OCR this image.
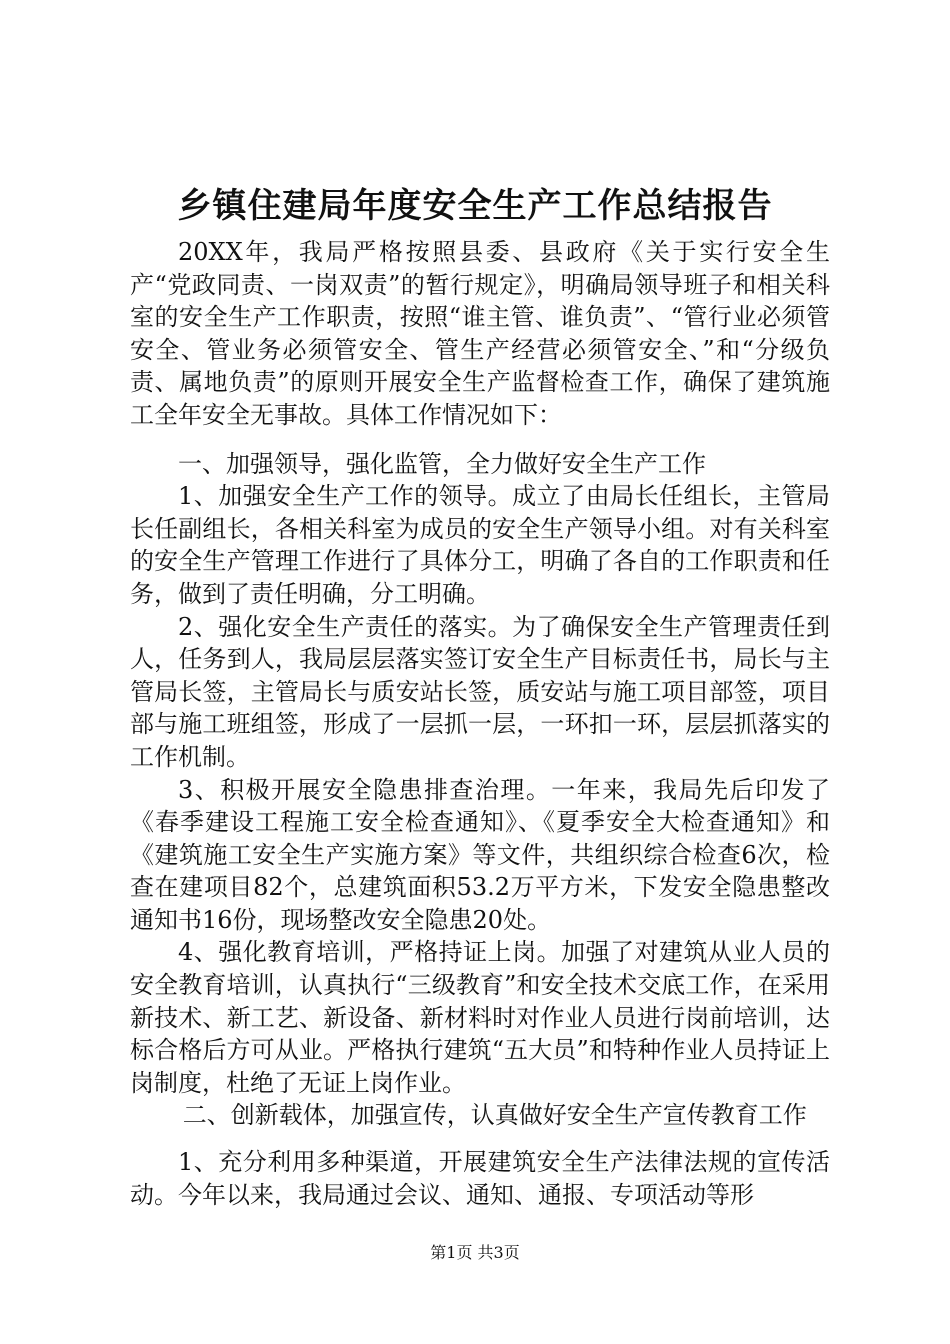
乡镇住建局年度安全生产工作总结报告

20XX年，我局严格按照县委、县政府《关于实行安全生产“党政同责、一岗双责”的暂行规定》，明确局领导班子和相关科室的安全生产工作职责，按照“谁主管、谁负责”、“管行业必须管安全、管业务必须管安全、管生产经营必须管安全、”和“分级负责、属地负责”的原则开展安全生产监督检查工作，确保了建筑施工全年安全无事故。具体工作情况如下：

一、加强领导，强化监管，全力做好安全生产工作

1、加强安全生产工作的领导。成立了由局长任组长，主管局长任副组长，各相关科室为成员的安全生产领导小组。对有关科室的安全生产管理工作进行了具体分工，明确了各自的工作职责和任务，做到了责任明确，分工明确。

2、强化安全生产责任的落实。为了确保安全生产管理责任到人，任务到人，我局层层落实签订安全生产目标责任书，局长与主管局长签，主管局长与质安站长签，质安站与施工项目部签，项目部与施工班组签，形成了一层抓一层，一环扣一环，层层抓落实的工作机制。

3、积极开展安全隐患排查治理。一年来，我局先后印发了《春季建设工程施工安全检查通知》、《夏季安全大检查通知》和《建筑施工安全生产实施方案》等文件，共组织综合检查6次，检查在建项目82个，总建筑面积53.2万平方米，下发安全隐患整改通知书16份，现场整改安全隐患20处。

4、强化教育培训，严格持证上岗。加强了对建筑从业人员的安全教育培训，认真执行“三级教育”和安全技术交底工作，在采用新技术、新工艺、新设备、新材料时对作业人员进行岗前培训，达标合格后方可从业。严格执行建筑“五大员”和特种作业人员持证上岗制度，杜绝了无证上岗作业。

二、创新载体，加强宣传，认真做好安全生产宣传教育工作

1、充分利用多种渠道，开展建筑安全生产法律法规的宣传活动。今年以来，我局通过会议、通知、通报、专项活动等形

第1页 共3页
